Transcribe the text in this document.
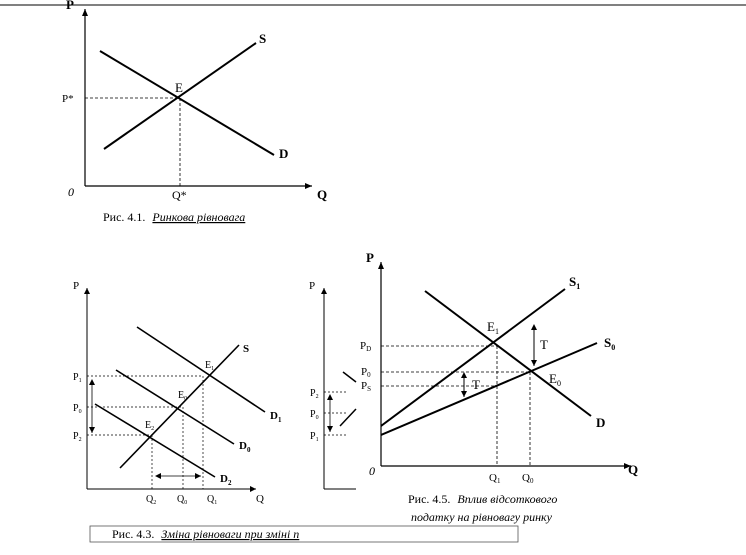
P
Q
0
S
D
E
P*
Q*
Рис. 4.1. Ринкова рівновага
P
Q
S
$D_1$
$D_0$
$D_2$
$E_1$
$E_0$
$E_2$
$P_1$
$P_0$
$P_2$
$Q_2$ $Q_0$ $Q_1$
Рис. 4.3. Зміна рівноваги при зміні п
P
$P_2$
$P_0$
$P_1$
P
Q
0
$S_1$
$S_0$
D
$E_1$
$E_0$
T
T
PD
P0
PS
Q1 Q0
Рис. 4.5. Вплив відсоткового
податку на рівновагу ринку
